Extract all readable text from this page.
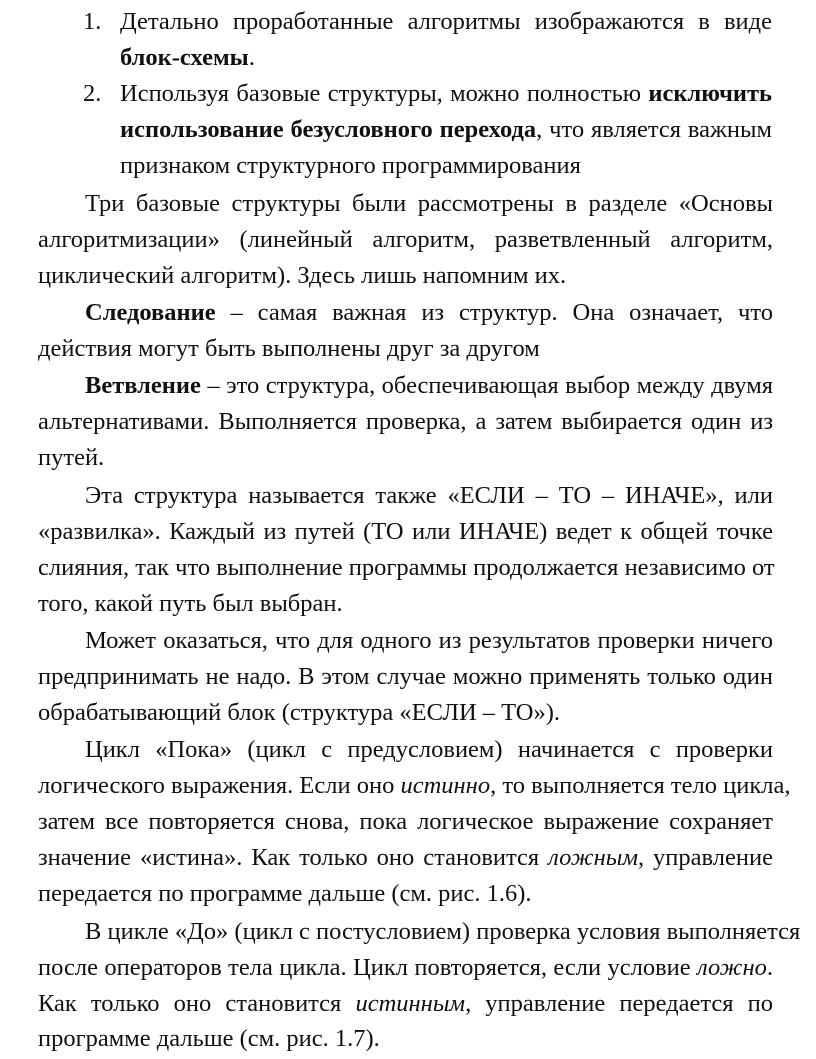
1. Детально проработанные алгоритмы изображаются в виде
блок-схемы.
2. Используя базовые структуры, можно полностью исключить
использование безусловного перехода, что является важным
признаком структурного программирования
Три базовые структуры были рассмотрены в разделе «Основы
алгоритмизации» (линейный алгоритм, разветвленный алгоритм,
циклический алгоритм). Здесь лишь напомним их.
Следование – самая важная из структур. Она означает, что
действия могут быть выполнены друг за другом
Ветвление – это структура, обеспечивающая выбор между двумя
альтернативами. Выполняется проверка, а затем выбирается один из
путей.
Эта структура называется также «ЕСЛИ – ТО – ИНАЧЕ», или
«развилка». Каждый из путей (ТО или ИНАЧЕ) ведет к общей точке
слияния, так что выполнение программы продолжается независимо от
того, какой путь был выбран.
Может оказаться, что для одного из результатов проверки ничего
предпринимать не надо. В этом случае можно применять только один
обрабатывающий блок (структура «ЕСЛИ – ТО»).
Цикл «Пока» (цикл с предусловием) начинается с проверки
логического выражения. Если оно истинно, то выполняется тело цикла,
затем все повторяется снова, пока логическое выражение сохраняет
значение «истина». Как только оно становится ложным, управление
передается по программе дальше (см. рис. 1.6).
В цикле «До» (цикл с постусловием) проверка условия выполняется
после операторов тела цикла. Цикл повторяется, если условие ложно.
Как только оно становится истинным, управление передается по
программе дальше (см. рис. 1.7).
